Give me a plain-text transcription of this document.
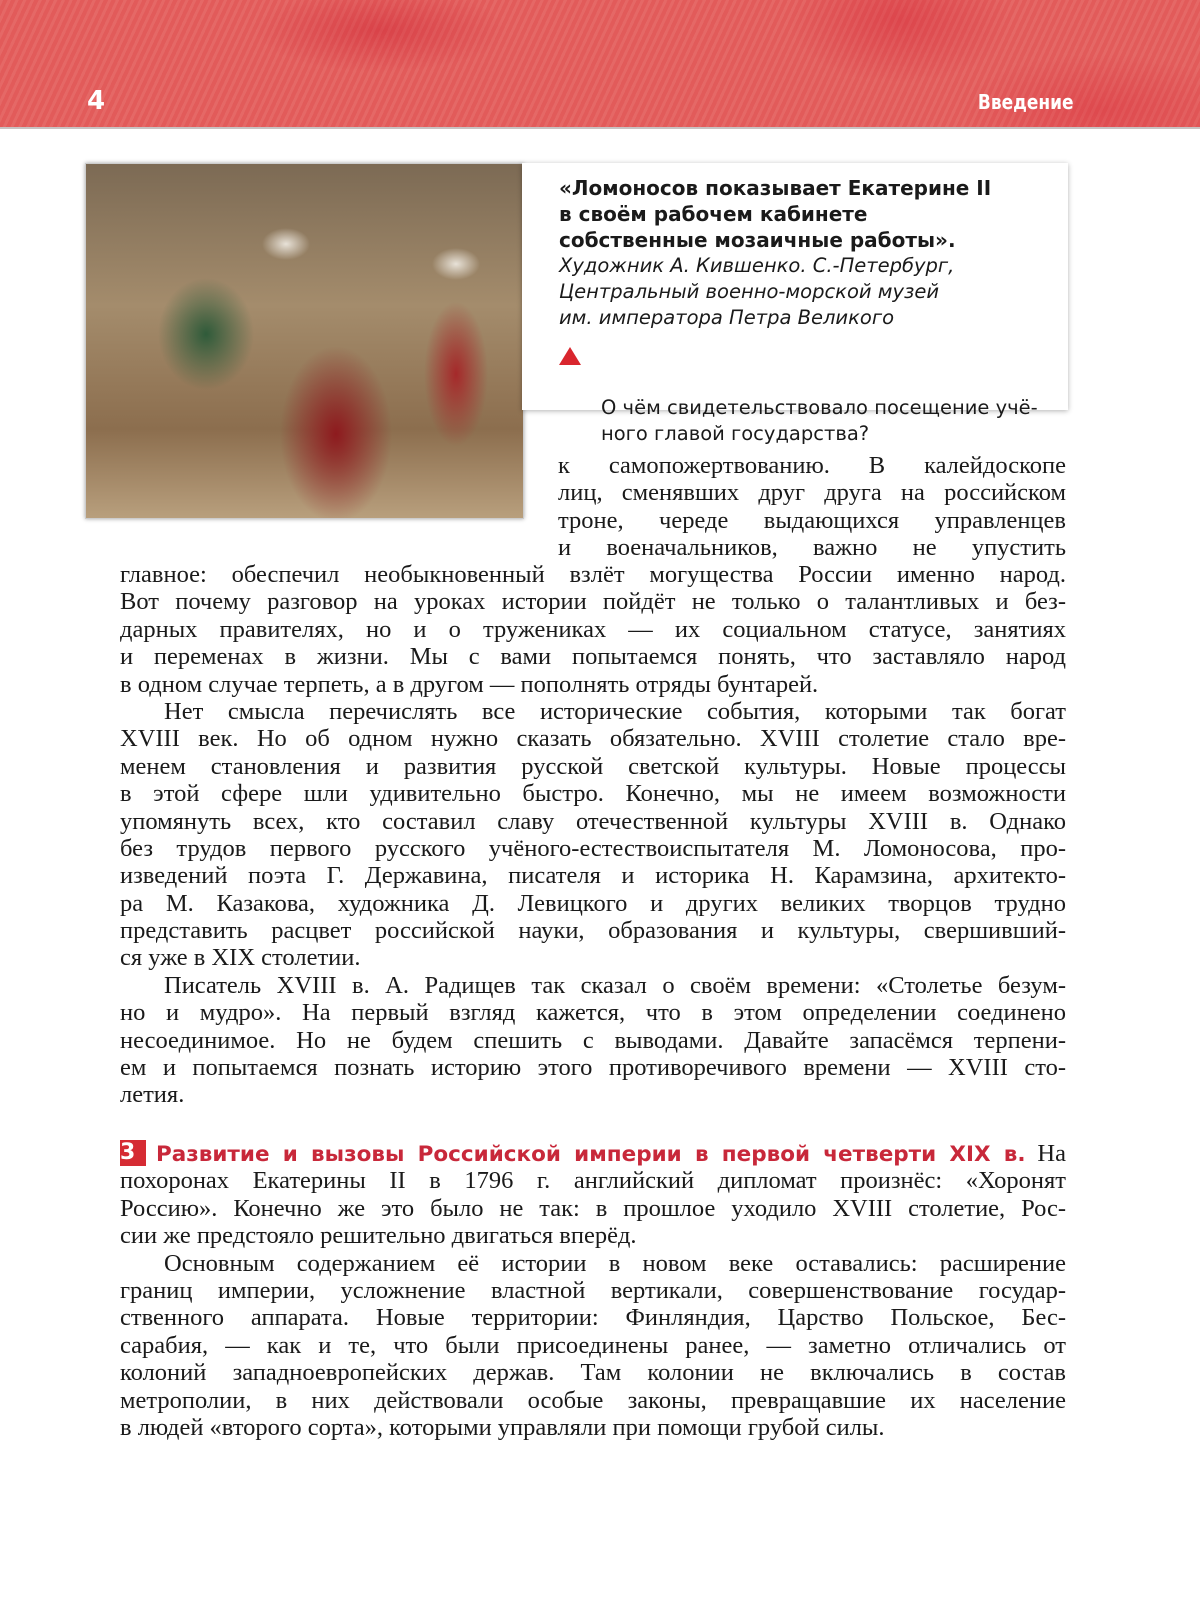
4	Введение
«Ломоносов показывает Екатерине II
в своём рабочем кабинете
собственные мозаичные работы».
Художник А. Кившенко. С.-Петербург,
Центральный военно-морской музей
им. императора Петра Великого

О чём свидетельствовало посещение учё-
ного главой государства?

к самопожертвованию. В калейдоскопе
лиц, сменявших друг друга на российском
троне, череде выдающихся управленцев
и военачальников, важно не упустить
главное: обеспечил необыкновенный взлёт могущества России именно народ.
Вот почему разговор на уроках истории пойдёт не только о талантливых и без-
дарных правителях, но и о тружениках — их социальном статусе, занятиях
и переменах в жизни. Мы с вами попытаемся понять, что заставляло народ
в одном случае терпеть, а в другом — пополнять отряды бунтарей.
Нет смысла перечислять все исторические события, которыми так богат
XVIII век. Но об одном нужно сказать обязательно. XVIII столетие стало вре-
менем становления и развития русской светской культуры. Новые процессы
в этой сфере шли удивительно быстро. Конечно, мы не имеем возможности
упомянуть всех, кто составил славу отечественной культуры XVIII в. Однако
без трудов первого русского учёного-естествоиспытателя М. Ломоносова, про-
изведений поэта Г. Державина, писателя и историка Н. Карамзина, архитекто-
ра М. Казакова, художника Д. Левицкого и других великих творцов трудно
представить расцвет российской науки, образования и культуры, свершивший-
ся уже в XIX столетии.
Писатель XVIII в. А. Радищев так сказал о своём времени: «Столетье безум-
но и мудро». На первый взгляд кажется, что в этом определении соединено
несоединимое. Но не будем спешить с выводами. Давайте запасёмся терпени-
ем и попытаемся познать историю этого противоречивого времени — XVIII сто-
летия.
3 Развитие и вызовы Российской империи в первой четверти XIX в. На
похоронах Екатерины II в 1796 г. английский дипломат произнёс: «Хоронят
Россию». Конечно же это было не так: в прошлое уходило XVIII столетие, Рос-
сии же предстояло решительно двигаться вперёд.
Основным содержанием её истории в новом веке оставались: расширение
границ империи, усложнение властной вертикали, совершенствование государ-
ственного аппарата. Новые территории: Финляндия, Царство Польское, Бес-
сарабия, — как и те, что были присоединены ранее, — заметно отличались от
колоний западноевропейских держав. Там колонии не включались в состав
метрополии, в них действовали особые законы, превращавшие их население
в людей «второго сорта», которыми управляли при помощи грубой силы.
